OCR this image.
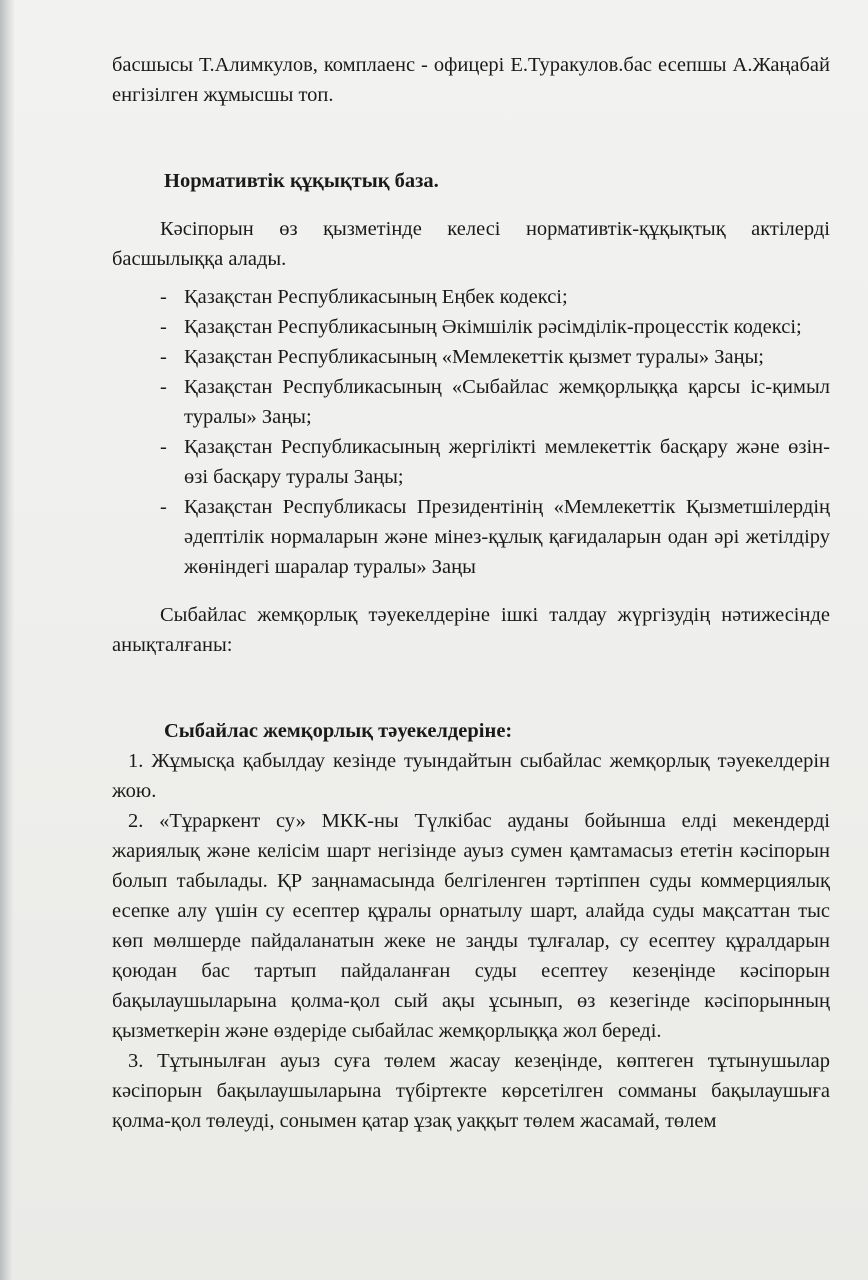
басшысы Т.Алимкулов, комплаенс - офицері Е.Туракулов.бас есепшы А.Жаңабай енгізілген жұмысшы топ.

Нормативтік құқықтық база.

Кәсіпорын өз қызметінде келесі нормативтік-құқықтық актілерді басшылыққа алады.

- Қазақстан Республикасының Еңбек кодексі;
- Қазақстан Республикасының Әкімшілік рәсімділік-процесстік кодексі;
- Қазақстан Республикасының «Мемлекеттік қызмет туралы» Заңы;
- Қазақстан Республикасының «Сыбайлас жемқорлыққа қарсы іс-қимыл туралы» Заңы;
- Қазақстан Республикасының жергілікті мемлекеттік басқару және өзін-өзі басқару туралы Заңы;
- Қазақстан Республикасы Президентінің «Мемлекеттік Қызметшілердің әдептілік нормаларын және мінез-құлық қағидаларын одан әрі жетілдіру жөніндегі шаралар туралы» Заңы

Сыбайлас жемқорлық тәуекелдеріне ішкі талдау жүргізудің нәтижесінде анықталғаны:

Сыбайлас жемқорлық тәуекелдеріне:

1. Жұмысқа қабылдау кезінде туындайтын сыбайлас жемқорлық тәуекелдерін жою.

2. «Тұраркент су» МКК-ны Түлкібас ауданы бойынша елді мекендерді жариялық және келісім шарт негізінде ауыз сумен қамтамасыз ететін кәсіпорын болып табылады. ҚР заңнамасында белгіленген тәртіппен суды коммерциялық есепке алу үшін су есептер құралы орнатылу шарт, алайда суды мақсаттан тыс көп мөлшерде пайдаланатын жеке не заңды тұлғалар, су есептеу құралдарын қоюдан бас тартып пайдаланған суды есептеу кезеңінде кәсіпорын бақылаушыларына қолма-қол сый ақы ұсынып, өз кезегінде кәсіпорынның қызметкерін және өздеріде сыбайлас жемқорлыққа жол береді.

3. Тұтынылған ауыз суға төлем жасау кезеңінде, көптеген тұтынушылар кәсіпорын бақылаушыларына түбіртекте көрсетілген сомманы бақылаушыға қолма-қол төлеуді, сонымен қатар ұзақ уаққыт төлем жасамай, төлем
